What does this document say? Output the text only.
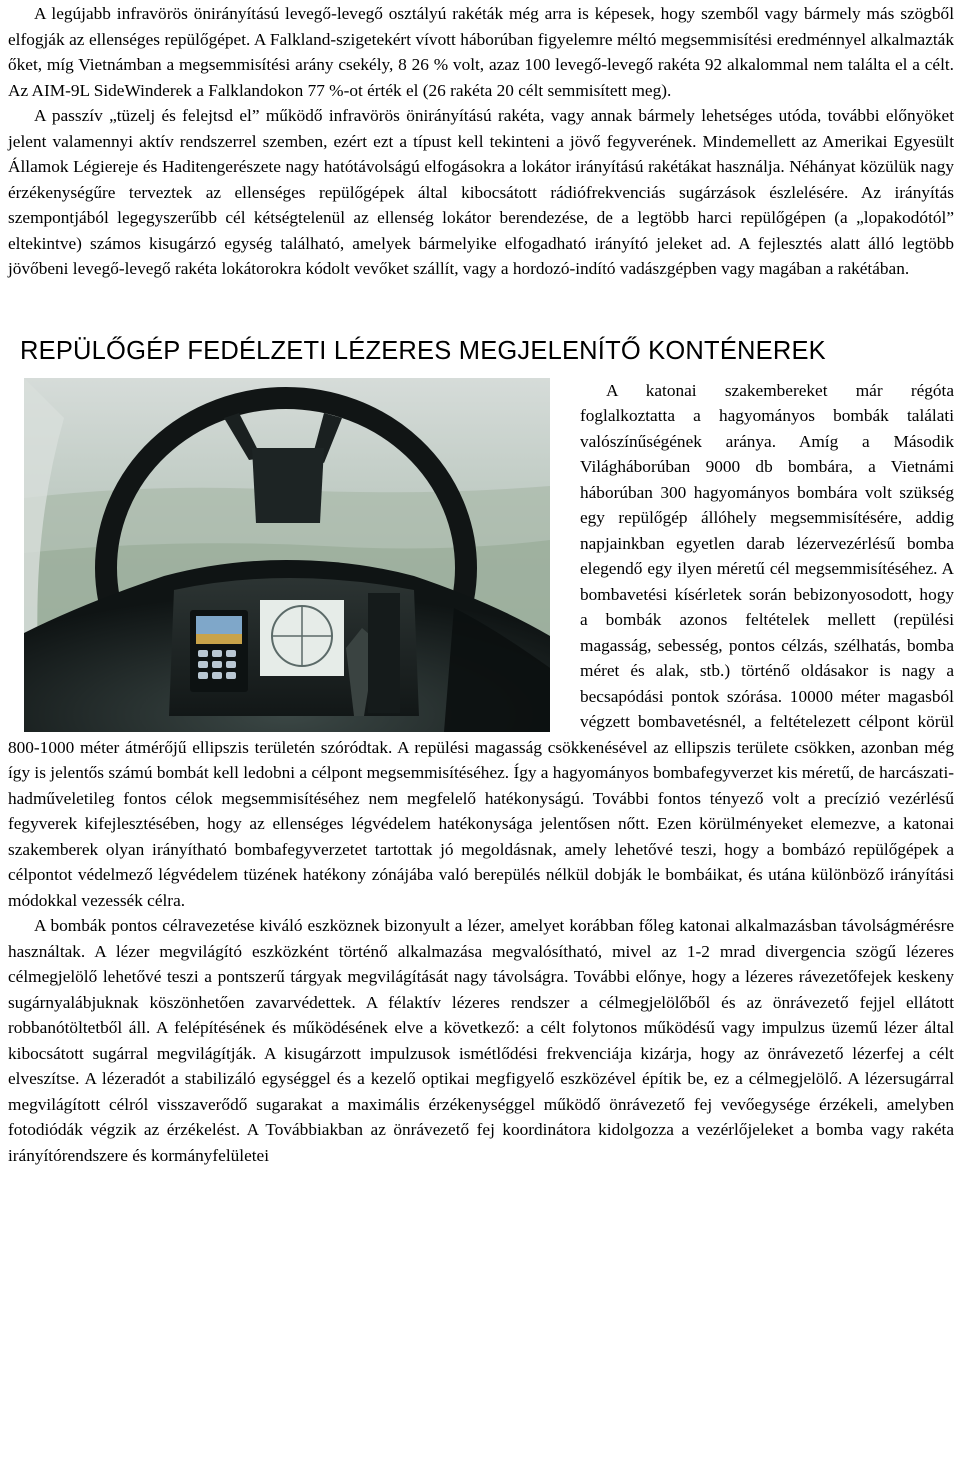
A legújabb infravörös önirányítású levegő-levegő osztályú rakéták még arra is képesek, hogy szemből vagy bármely más szögből elfogják az ellenséges repülőgépet. A Falkland-szigetekért vívott háborúban figyelemre méltó megsemmisítési eredménnyel alkalmazták őket, míg Vietnámban a megsemmisítési arány csekély, 8 26 % volt, azaz 100 levegő-levegő rakéta 92 alkalommal nem találta el a célt. Az AIM-9L SideWinderek a Falklandokon 77 %-ot érték el (26 rakéta 20 célt semmisített meg).

A passzív „tüzelj és felejtsd el” működő infravörös önirányítású rakéta, vagy annak bármely lehetséges utóda, további előnyöket jelent valamennyi aktív rendszerrel szemben, ezért ezt a típust kell tekinteni a jövő fegyverének. Mindemellett az Amerikai Egyesült Államok Légiereje és Haditengerészete nagy hatótávolságú elfogásokra a lokátor irányítású rakétákat használja. Néhányat közülük nagy érzékenységűre terveztek az ellenséges repülőgépek által kibocsátott rádiófrekvenciás sugárzások észlelésére. Az irányítás szempontjából legegyszerűbb cél kétségtelenül az ellenség lokátor berendezése, de a legtöbb harci repülőgépen (a „lopakodótól” eltekintve) számos kisugárzó egység található, amelyek bármelyike elfogadható irányító jeleket ad. A fejlesztés alatt álló legtöbb jövőbeni levegő-levegő rakéta lokátorokra kódolt vevőket szállít, vagy a hordozó-indító vadászgépben vagy magában a rakétában.

REPÜLŐGÉP FEDÉLZETI LÉZERES MEGJELENÍTŐ KONTÉNEREK

A katonai szakembereket már régóta foglalkoztatta a hagyományos bombák találati valószínűségének aránya. Amíg a Második Világháborúban 9000 db bombára, a Vietnámi háborúban 300 hagyományos bombára volt szükség egy repülőgép állóhely megsemmisítésére, addig napjainkban egyetlen darab lézervezérlésű bomba elegendő egy ilyen méretű cél megsemmisítéséhez. A bombavetési kísérletek során bebizonyosodott, hogy a bombák azonos feltételek mellett (repülési magasság, sebesség, pontos célzás, szélhatás, bomba méret és alak, stb.) történő oldásakor is nagy a becsapódási pontok szórása. 10000 méter magasból végzett bombavetésnél, a feltételezett célpont körül 800-1000 méter átmérőjű ellipszis területén szóródtak. A repülési magasság csökkenésével az ellipszis területe csökken, azonban még így is jelentős számú bombát kell ledobni a célpont megsemmisítéséhez. Így a hagyományos bombafegyverzet kis méretű, de harcászati-hadműveletileg fontos célok megsemmisítéséhez nem megfelelő hatékonyságú. További fontos tényező volt a precízió vezérlésű fegyverek kifejlesztésében, hogy az ellenséges légvédelem hatékonysága jelentősen nőtt. Ezen körülményeket elemezve, a katonai szakemberek olyan irányítható bombafegyverzetet tartottak jó megoldásnak, amely lehetővé teszi, hogy a bombázó repülőgépek a célpontot védelmező légvédelem tüzének hatékony zónájába való berepülés nélkül dobják le bombáikat, és utána különböző irányítási módokkal vezessék célra.

A bombák pontos célravezetése kiváló eszköznek bizonyult a lézer, amelyet korábban főleg katonai alkalmazásban távolságmérésre használtak. A lézer megvilágító eszközként történő alkalmazása megvalósítható, mivel az 1-2 mrad divergencia szögű lézeres célmegjelölő lehetővé teszi a pontszerű tárgyak megvilágítását nagy távolságra. További előnye, hogy a lézeres rávezetőfejek keskeny sugárnyalábjuknak köszönhetően zavarvédettek. A félaktív lézeres rendszer a célmegjelölőből és az önrávezető fejjel ellátott robbanótöltetből áll. A felépítésének és működésének elve a következő: a célt folytonos működésű vagy impulzus üzemű lézer által kibocsátott sugárral megvilágítják. A kisugárzott impulzusok ismétlődési frekvenciája kizárja, hogy az önrávezető lézerfej a célt elveszítse. A lézeradót a stabilizáló egységgel és a kezelő optikai megfigyelő eszközével építik be, ez a célmegjelölő. A lézersugárral megvilágított célról visszaverődő sugarakat a maximális érzékenységgel működő önrávezető fej vevőegysége érzékeli, amelyben fotodiódák végzik az érzékelést. A Továbbiakban az önrávezető fej koordinátora kidolgozza a vezérlőjeleket a bomba vagy rakéta irányítórendszere és kormányfelületei
